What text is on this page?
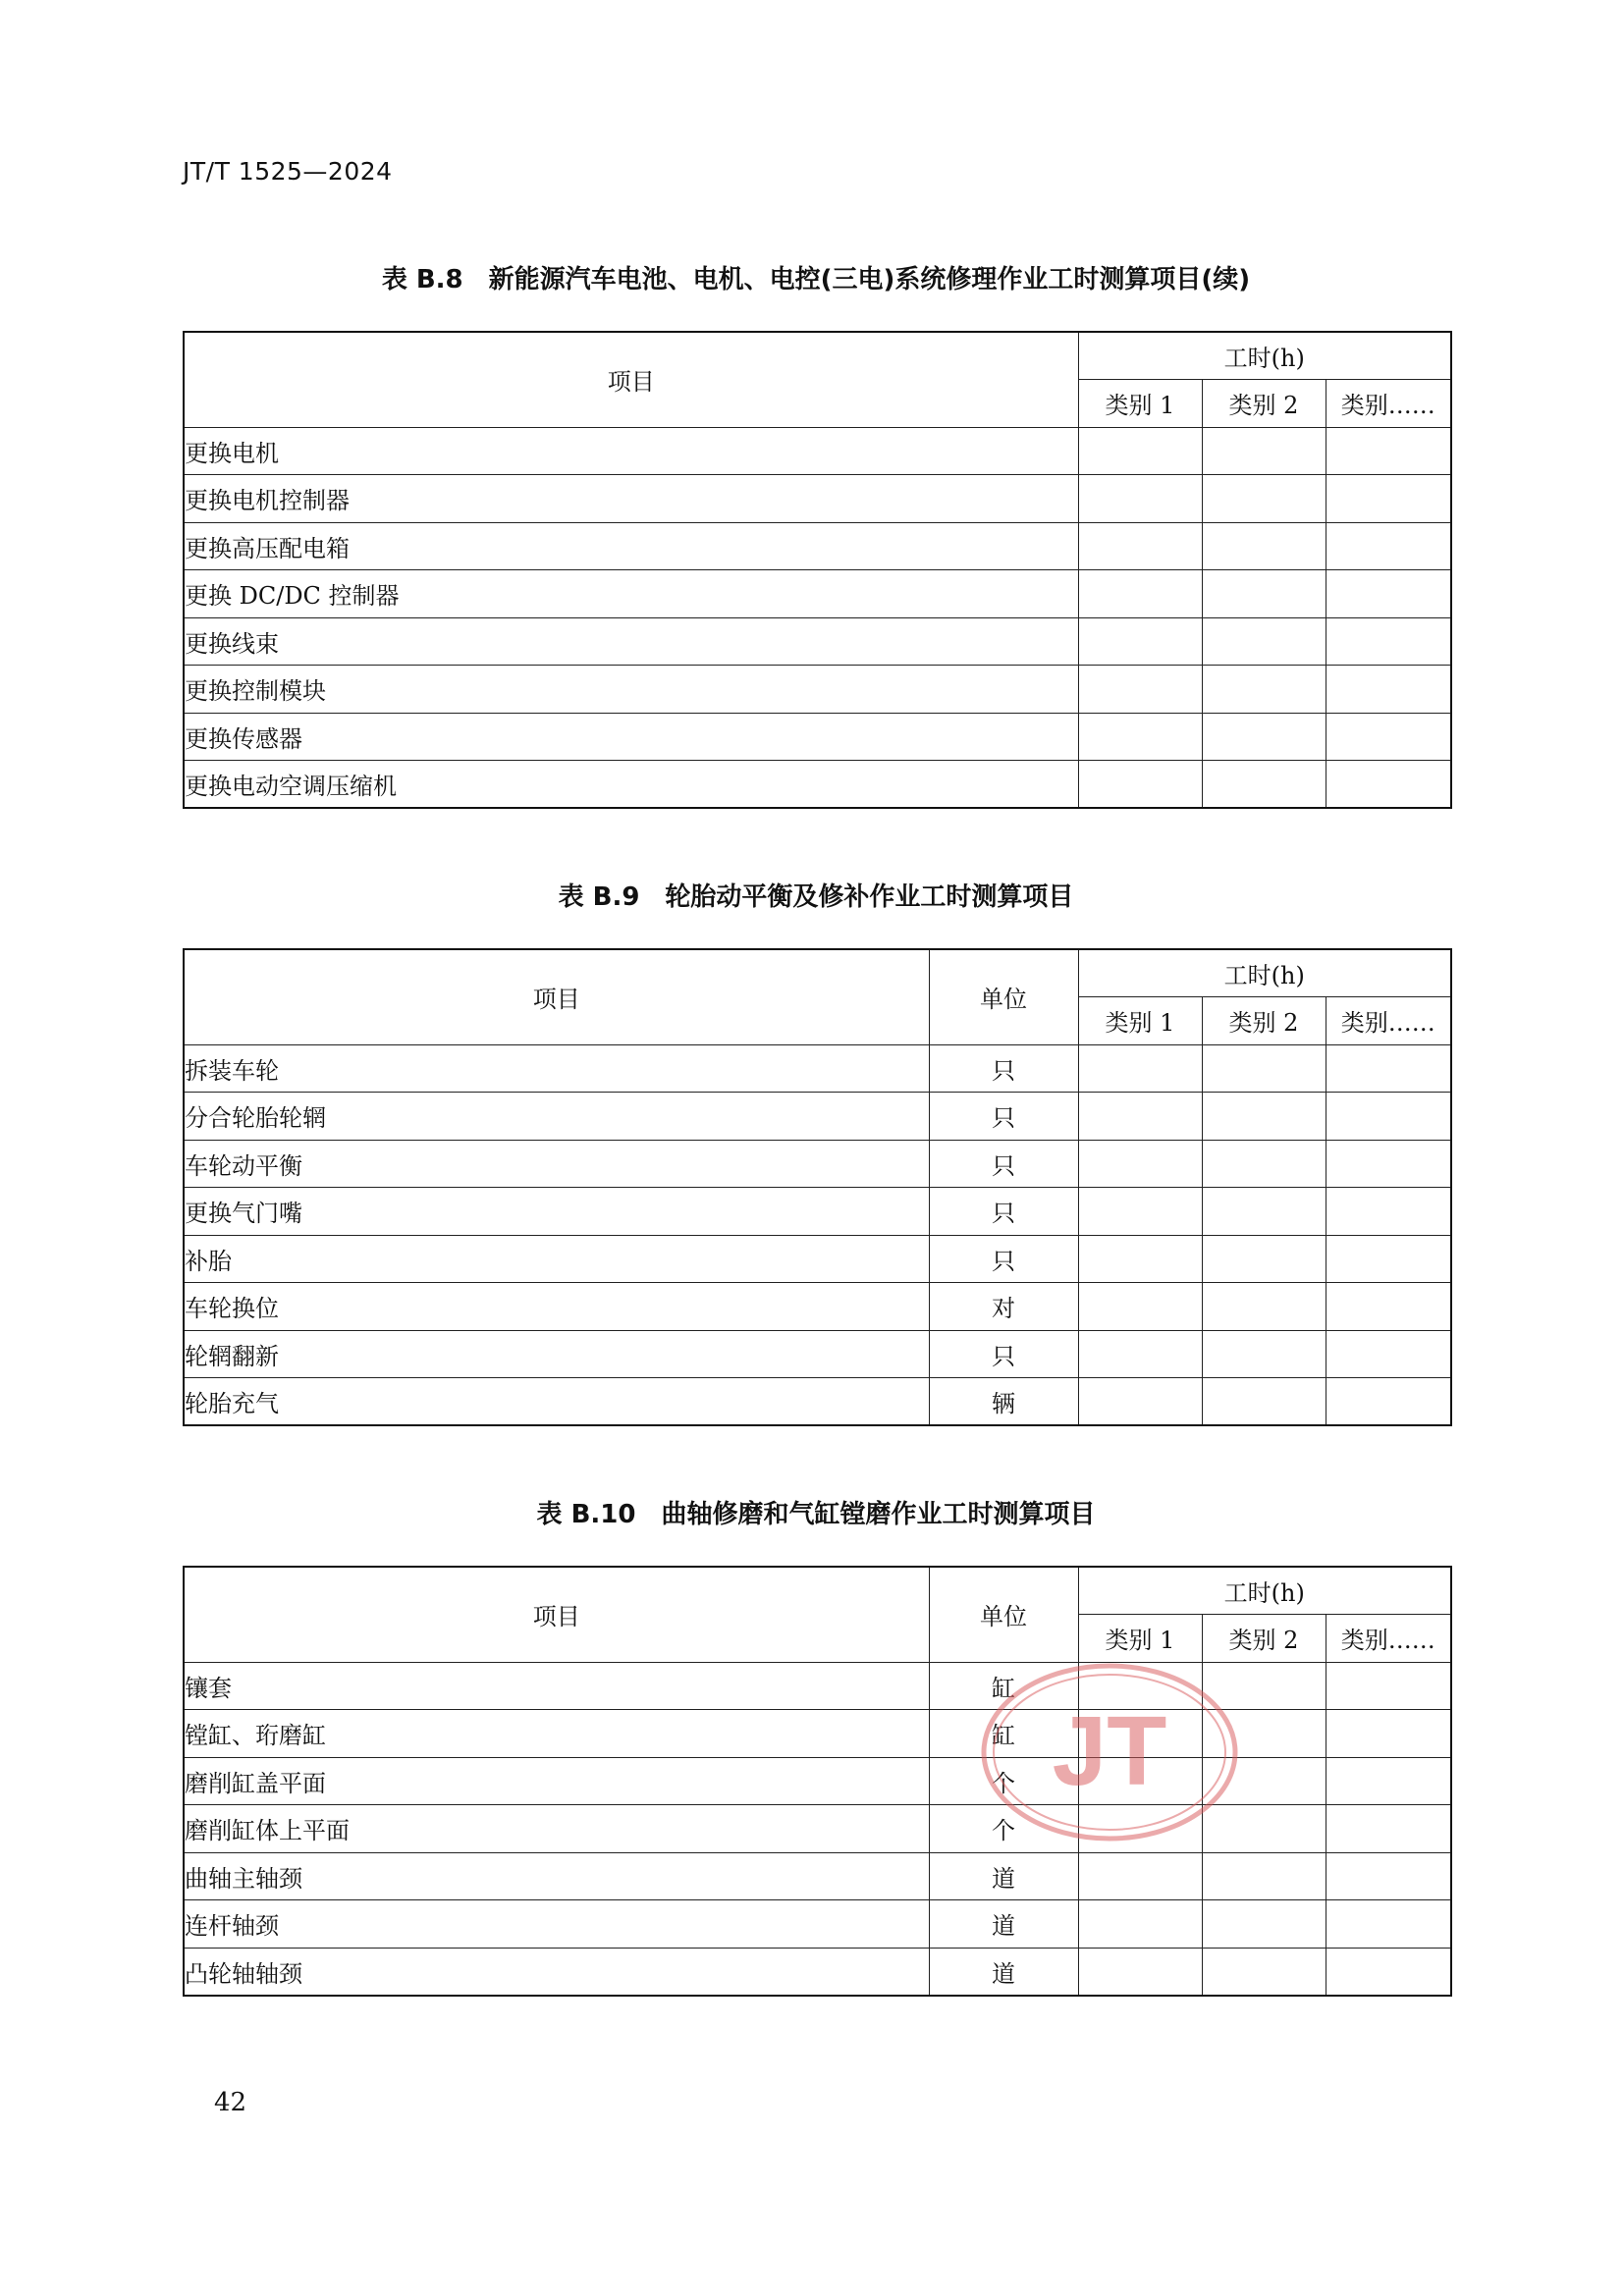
JT/T 1525—2024
表 B.8　新能源汽车电池、电机、电控(三电)系统修理作业工时测算项目(续)
项目	工时(h)		
	类别 1	类别 2	类别……
更换电机			
更换电机控制器			
更换高压配电箱			
更换 DC/DC 控制器			
更换线束			
更换控制模块			
更换传感器			
更换电动空调压缩机			
表 B.9　轮胎动平衡及修补作业工时测算项目
项目	单位	工时(h)		
		类别 1	类别 2	类别……
拆装车轮	只			
分合轮胎轮辋	只			
车轮动平衡	只			
更换气门嘴	只			
补胎	只			
车轮换位	对			
轮辋翻新	只			
轮胎充气	辆			
表 B.10　曲轴修磨和气缸镗磨作业工时测算项目
项目	单位	工时(h)		
		类别 1	类别 2	类别……
镶套	缸			
镗缸、珩磨缸	缸			
磨削缸盖平面	个			
磨削缸体上平面	个			
曲轴主轴颈	道			
连杆轴颈	道			
凸轮轴轴颈	道			
JT
42
